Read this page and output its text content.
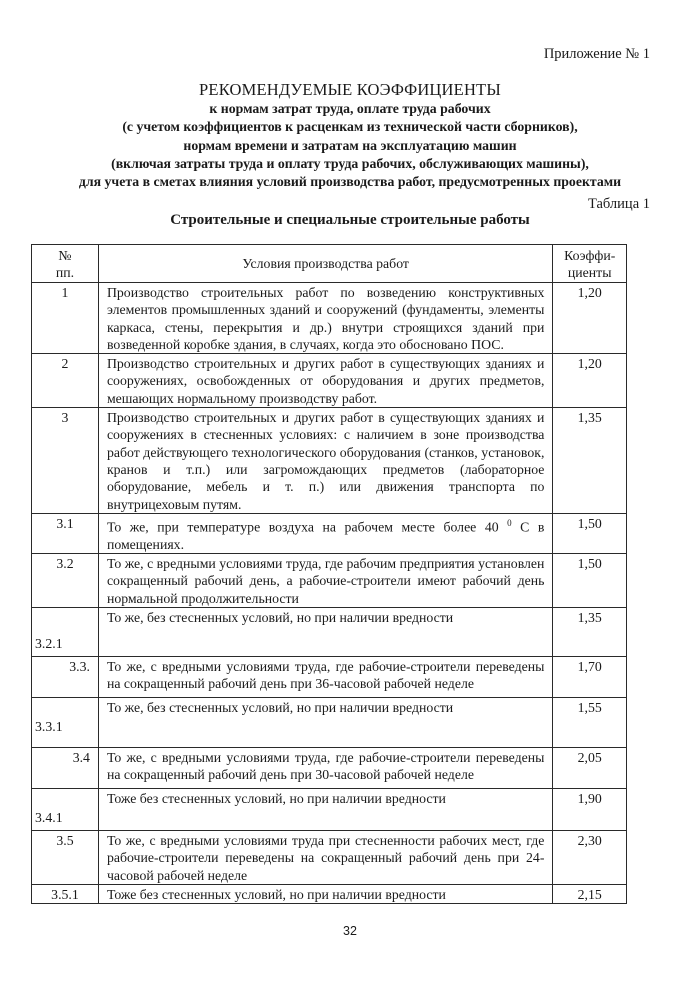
Приложение № 1
РЕКОМЕНДУЕМЫЕ КОЭФФИЦИЕНТЫ
к нормам затрат труда, оплате труда рабочих
(с учетом коэффициентов к расценкам из технической части сборников),
нормам времени и затратам на эксплуатацию машин
(включая затраты труда и оплату труда рабочих, обслуживающих машины),
для учета в сметах влияния условий производства работ, предусмотренных проектами
Таблица 1
Строительные и специальные строительные работы
№ пп.	Условия производства работ	Коэффи-циенты

1	Производство строительных работ по возведению конструктивных элементов промышленных зданий и сооружений (фундаменты, элементы каркаса, стены, перекрытия и др.) внутри строящихся зданий при возведенной коробке здания, в случаях, когда это обосновано ПОС.	1,20

2	Производство строительных и других работ в существующих зданиях и сооружениях, освобожденных от оборудования и других предметов, мешающих нормальному производству работ.	1,20

3	Производство строительных и других работ в существующих зданиях и сооружениях в стесненных условиях: с наличием в зоне производства работ действующего технологического оборудования (станков, установок, кранов и т.п.) или загромождающих предметов (лабораторное оборудование, мебель и т. п.) или движения транспорта по внутрицеховым путям.	1,35

3.1	То же, при температуре воздуха на рабочем месте более 40 $^0$ С в помещениях.	1,50

3.2	То же, с вредными условиями труда, где рабочим предприятия установлен сокращенный рабочий день, а рабочие-строители имеют рабочий день нормальной продолжительности	1,50

3.2.1	То же, без стесненных условий, но при наличии вредности	1,35

3.3.	То же, с вредными условиями труда, где рабочие-строители переведены на сокращенный рабочий день при 36-часовой рабочей неделе	1,70

3.3.1	То же, без стесненных условий, но при наличии вредности	1,55

3.4	То же, с вредными условиями труда, где рабочие-строители переведены на сокращенный рабочий день при 30-часовой рабочей неделе	2,05

3.4.1	Тоже без стесненных условий, но при наличии вредности	1,90

3.5	То же, с вредными условиями труда при стесненности рабочих мест, где рабочие-строители переведены на сокращенный рабочий день при 24-часовой рабочей неделе	2,30

3.5.1	Тоже без стесненных условий, но при наличии вредности	2,15
32
